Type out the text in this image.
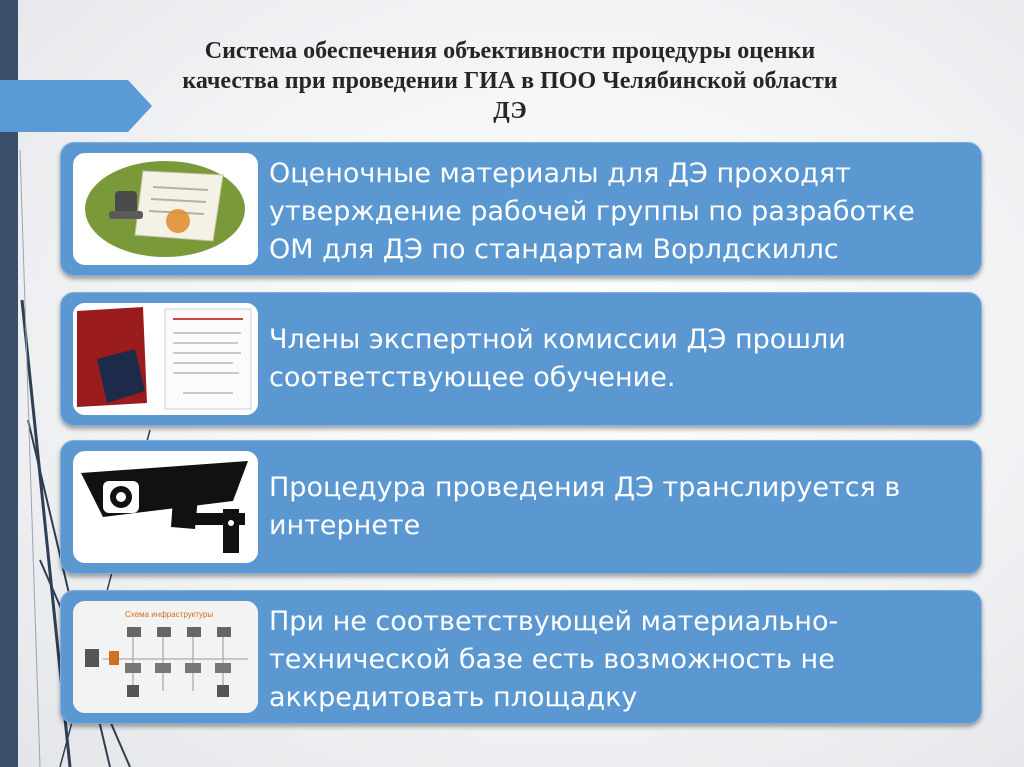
Система обеспечения объективности процедуры оценки
качества при проведении ГИА в ПОО Челябинской области
ДЭ

Оценочные материалы для ДЭ проходят утверждение рабочей группы по разработке ОМ для ДЭ по стандартам Ворлдскиллс

Члены экспертной комиссии ДЭ прошли соответствующее обучение.

Процедура проведения ДЭ транслируется в интернете

Схема инфраструктуры При не соответствующей материально-технической базе есть возможность не аккредитовать площадку
